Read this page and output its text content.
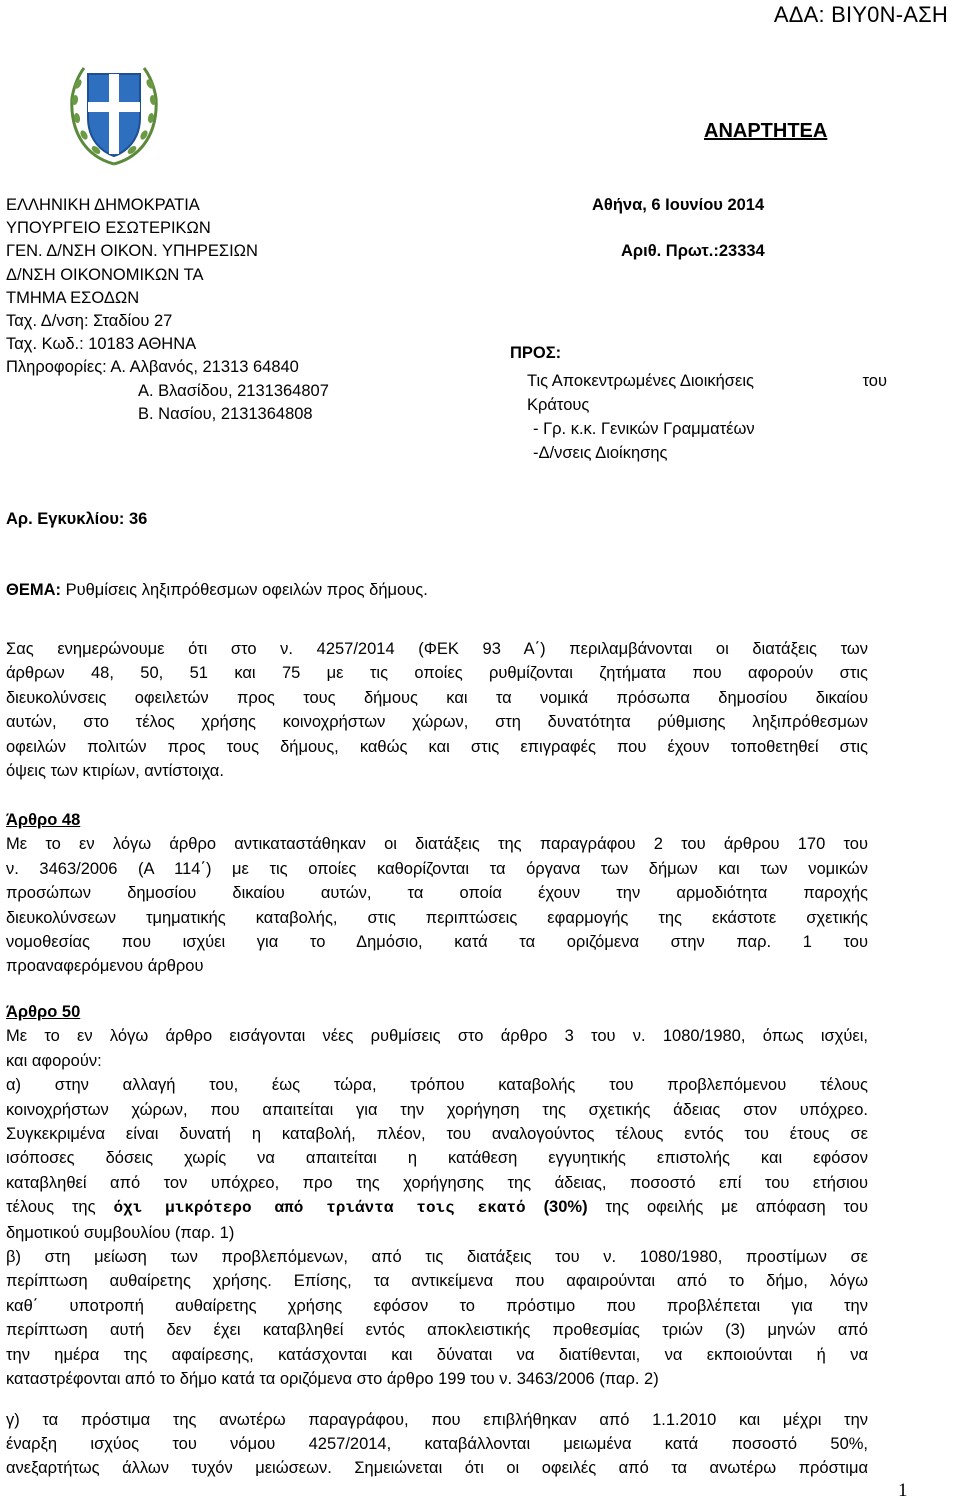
ΑΔΑ: ΒΙΥ0Ν-ΑΣΗ
ΑΝΑΡΤΗΤΕΑ
ΕΛΛΗΝΙΚΗ ΔΗΜΟΚΡΑΤΙΑ
ΥΠΟΥΡΓΕΙΟ ΕΣΩΤΕΡΙΚΩΝ
ΓΕΝ. Δ/ΝΣΗ ΟΙΚΟΝ. ΥΠΗΡΕΣΙΩΝ
Δ/ΝΣΗ ΟΙΚΟΝΟΜΙΚΩΝ ΤΑ
ΤΜΗΜΑ ΕΣΟΔΩΝ
Ταχ. Δ/νση: Σταδίου 27
Ταχ. Κωδ.: 10183 ΑΘΗΝΑ
Πληροφορίες: Α. Αλβανός, 21313 64840
Α. Βλασίδου, 2131364807
Β. Νασίου, 2131364808
Αθήνα, 6 Ιουνίου 2014
Αριθ. Πρωτ.:23334
ΠΡΟΣ:
Τις Αποκεντρωμένες Διοικήσεις	του
Κράτους
- Γρ. κ.κ. Γενικών Γραμματέων
-Δ/νσεις Διοίκησης
Αρ. Εγκυκλίου: 36
ΘΕΜΑ: Ρυθμίσεις ληξιπρόθεσμων οφειλών προς δήμους.
Σας ενημερώνουμε ότι στο ν. 4257/2014 (ΦΕΚ 93 Α΄) περιλαμβάνονται οι διατάξεις των
άρθρων 48, 50, 51 και 75 με τις οποίες ρυθμίζονται ζητήματα που αφορούν στις
διευκολύνσεις οφειλετών προς τους δήμους και τα νομικά πρόσωπα δημοσίου δικαίου
αυτών, στο τέλος χρήσης κοινοχρήστων χώρων, στη δυνατότητα ρύθμισης ληξιπρόθεσμων
οφειλών πολιτών προς τους δήμους, καθώς και στις επιγραφές που έχουν τοποθετηθεί στις
όψεις των κτιρίων, αντίστοιχα.
Άρθρο 48
Με το εν λόγω άρθρο αντικαταστάθηκαν οι διατάξεις της παραγράφου 2 του άρθρου 170 του
ν. 3463/2006 (Α 114΄) με τις οποίες καθορίζονται τα όργανα των δήμων και των νομικών
προσώπων δημοσίου δικαίου αυτών, τα οποία έχουν την αρμοδιότητα παροχής
διευκολύνσεων τμηματικής καταβολής, στις περιπτώσεις εφαρμογής της εκάστοτε σχετικής
νομοθεσίας που ισχύει για το Δημόσιο, κατά τα οριζόμενα στην παρ. 1 του
προαναφερόμενου άρθρου
Άρθρο 50
Με το εν λόγω άρθρο εισάγονται νέες ρυθμίσεις στο άρθρο 3 του ν. 1080/1980, όπως ισχύει,
και αφορούν:
α) στην αλλαγή του, έως τώρα, τρόπου καταβολής του προβλεπόμενου τέλους
κοινοχρήστων χώρων, που απαιτείται για την χορήγηση της σχετικής άδειας στον υπόχρεο.
Συγκεκριμένα είναι δυνατή η καταβολή, πλέον, του αναλογούντος τέλους εντός του έτους σε
ισόποσες δόσεις χωρίς να απαιτείται η κατάθεση εγγυητικής επιστολής και εφόσον
καταβληθεί από τον υπόχρεο, προ της χορήγησης της άδειας, ποσοστό επί του ετήσιου
τέλους της όχι μικρότερο από τριάντα τοις εκατό (30%) της οφειλής με απόφαση του
δημοτικού συμβουλίου (παρ. 1)
β) στη μείωση των προβλεπόμενων, από τις διατάξεις του ν. 1080/1980, προστίμων σε
περίπτωση αυθαίρετης χρήσης. Επίσης, τα αντικείμενα που αφαιρούνται από το δήμο, λόγω
καθ΄ υποτροπή αυθαίρετης χρήσης εφόσον το πρόστιμο που προβλέπεται για την
περίπτωση αυτή δεν έχει καταβληθεί εντός αποκλειστικής προθεσμίας τριών (3) μηνών από
την ημέρα της αφαίρεσης, κατάσχονται και δύναται να διατίθενται, να εκποιούνται ή να
καταστρέφονται από το δήμο κατά τα οριζόμενα στο άρθρο 199 του ν. 3463/2006 (παρ. 2)
γ) τα πρόστιμα της ανωτέρω παραγράφου, που επιβλήθηκαν από 1.1.2010 και μέχρι την
έναρξη ισχύος του νόμου 4257/2014, καταβάλλονται μειωμένα κατά ποσοστό 50%,
ανεξαρτήτως άλλων τυχόν μειώσεων. Σημειώνεται ότι οι οφειλές από τα ανωτέρω πρόστιμα
1
